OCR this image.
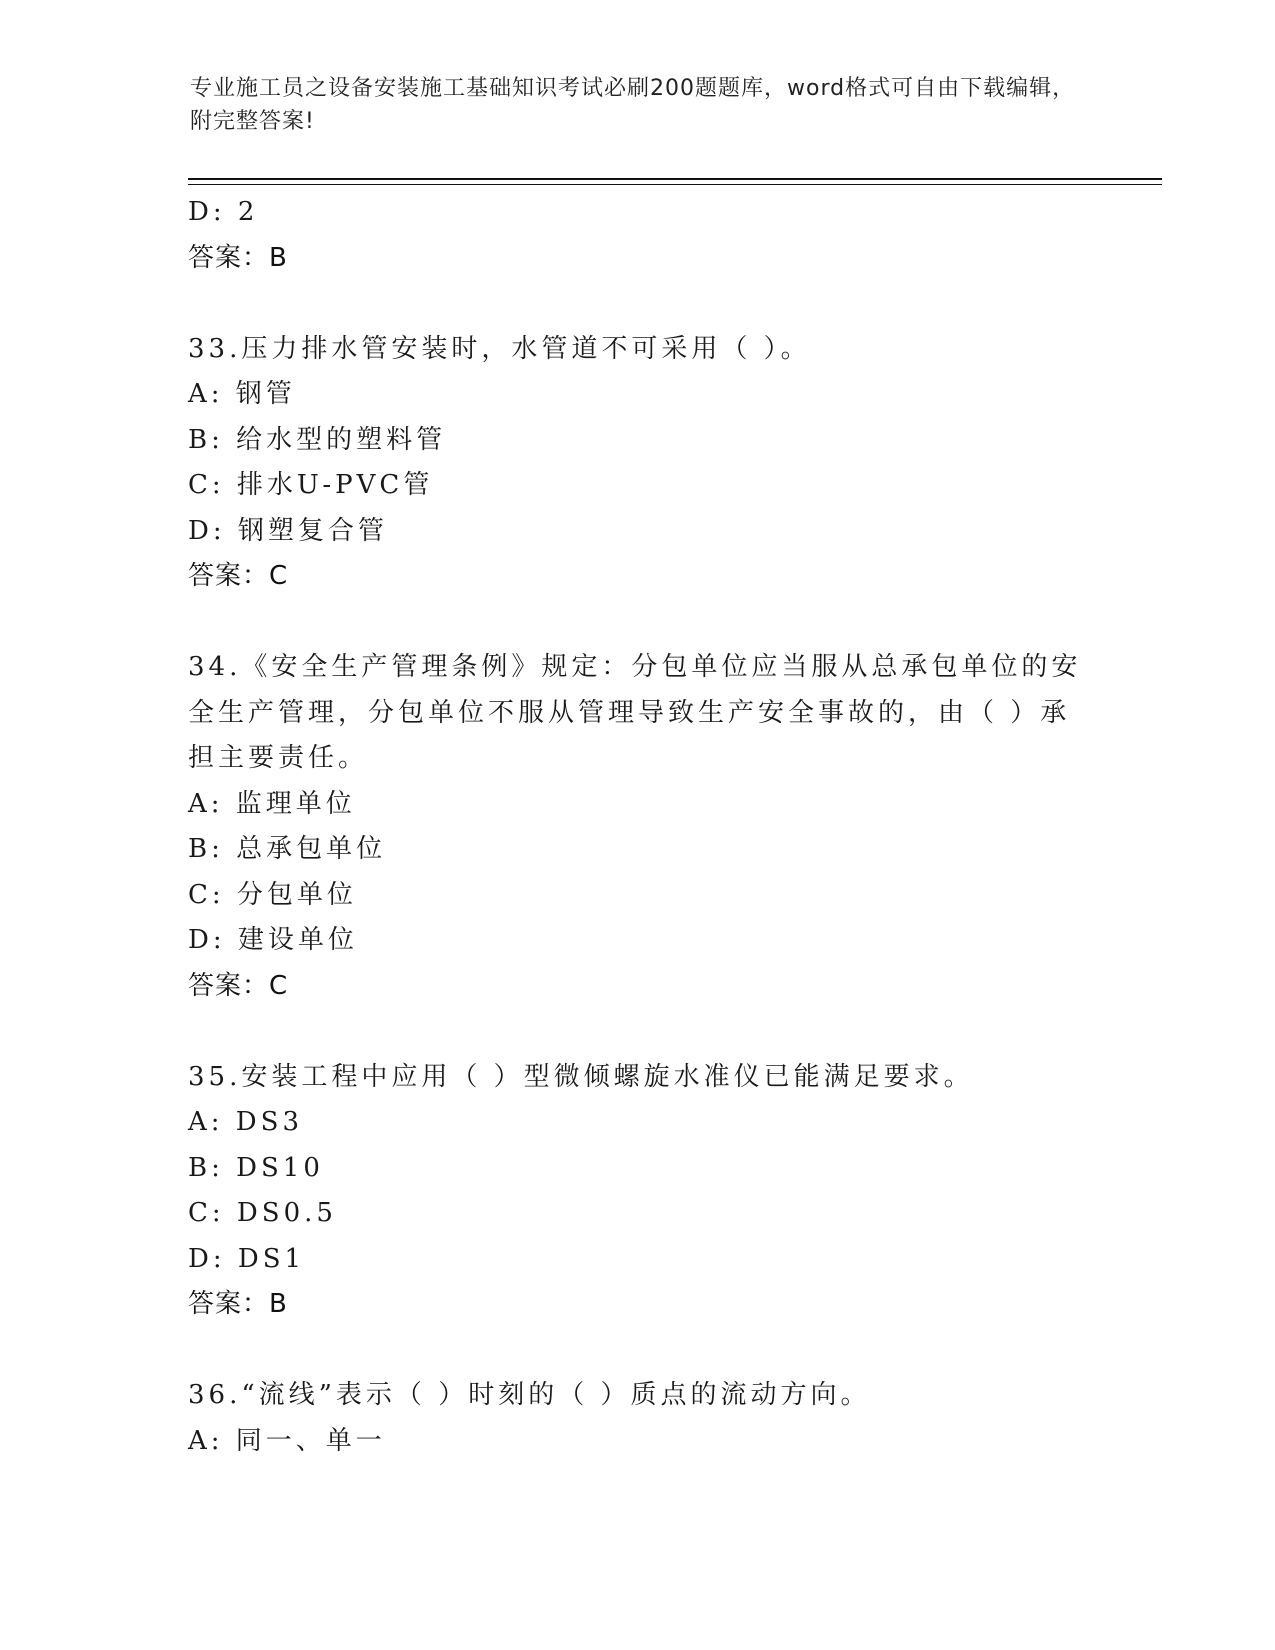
专业施工员之设备安装施工基础知识考试必刷200题题库，word格式可自由下载编辑，附完整答案!
D: 2
答案：B
33.压力排水管安装时，水管道不可采用（ ）。
A: 钢管
B: 给水型的塑料管
C: 排水U-PVC管
D: 钢塑复合管
答案：C
34.《安全生产管理条例》规定：分包单位应当服从总承包单位的安全生产管理，分包单位不服从管理导致生产安全事故的，由（ ）承担主要责任。
A: 监理单位
B: 总承包单位
C: 分包单位
D: 建设单位
答案：C
35.安装工程中应用（ ）型微倾螺旋水准仪已能满足要求。
A: DS3
B: DS10
C: DS0.5
D: DS1
答案：B
36.“流线”表示（ ）时刻的（ ）质点的流动方向。
A: 同一、单一
